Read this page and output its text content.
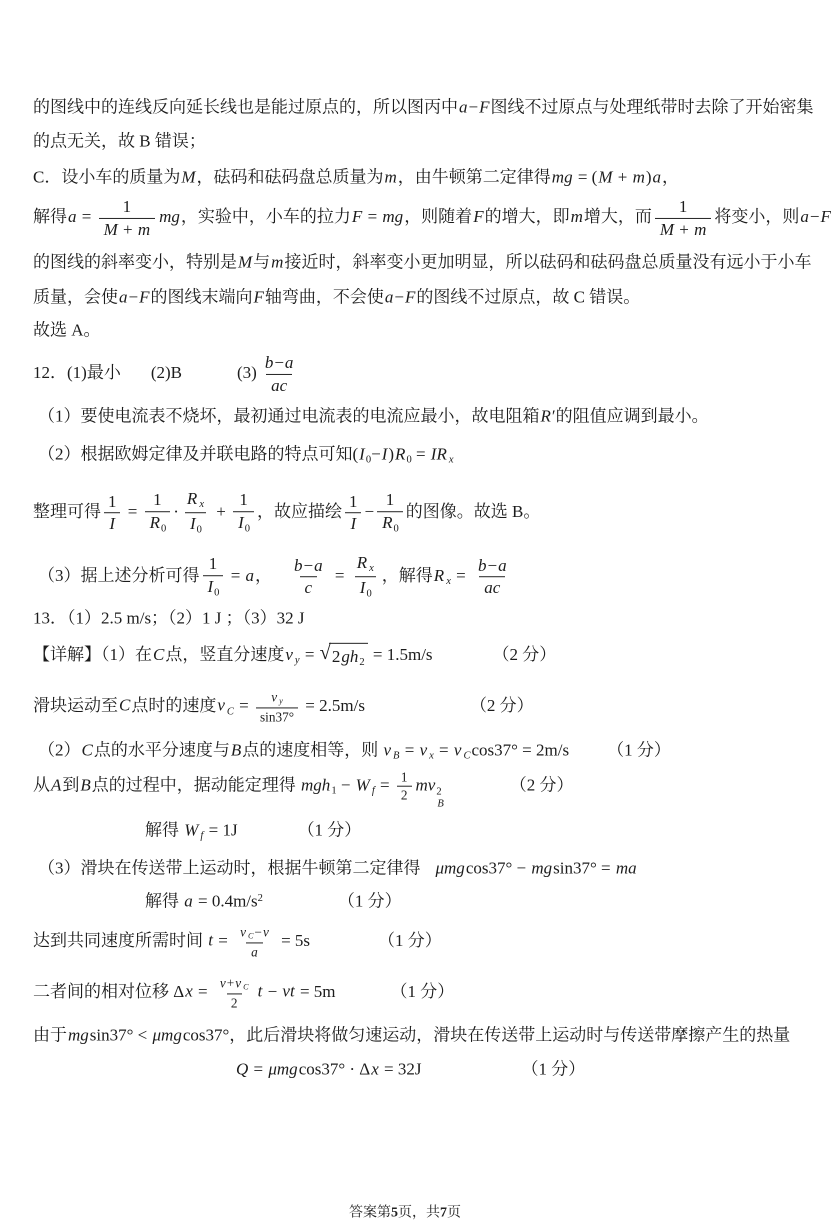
的图线中的连线反向延长线也是能过原点的，所以图丙中a−F图线不过原点与处理纸带时去除了开始密集
的点无关，故 B 错误；
C．设小车的质量为M，砝码和砝码盘总质量为m，由牛顿第二定律得mg = (M + m)a，
解得$a = \frac{1}{M + m}$ mg，实验中，小车的拉力F = mg，则随着F的增大，即m增大，而 $\frac{1}{M + m}$ 将变小，则a−F
的图线的斜率变小，特别是M与m接近时，斜率变小更加明显，所以砝码和砝码盘总质量没有远小于小车
质量，会使a−F的图线末端向F轴弯曲，不会使a−F的图线不过原点，故 C 错误。
故选 A。
12．(1)最小 (2)B	$(3) \frac{b-a}{ac}$
（1）要使电流表不烧坏，最初通过电流表的电流应最小，故电阻箱R′的阻值应调到最小。
（2）根据欧姆定律及并联电路的特点可知(I0−I)R0 = IR x
整理可得 $\frac{1}{I} = \frac{1}{R0} \cdot \frac{\text{R x}}{I0} + \frac{1}{I0}$ ，故应描绘 $\frac{1}{I} - \frac{1}{R0}$ 的图像。故选 B。
（3）据上述分析可得 $\frac{1}{I0} = a$， $\frac{b-a}{c} = \frac{\text{R x}}{I0}$ ，解得R $x = \frac{b-a}{ac}$
13．（1）2.5 m/s；（2）1 J ；（3）32 J
【详解】（1）在C点，竖直分速度v y = √ 2gh2 = 1.5m/s	（2 分）
滑块运动至C点时的速度v $C = \frac{\text{v y}}{\sin 37^\circ} = 2.5m/s$	（2 分）
（2）C点的水平分速度与B点的速度相等，则 v B = v x = v Ccos37° = 2m/s （1 分）
从A到B点的过程中，据动能定理得 mgh1 − W $f = \frac{1}{2}$ mv 2
B
（2 分）
解得 W f = 1J	（1 分）
（3）滑块在传送带上运动时，根据牛顿第二定律得 μmgcos37° − mgsin37° = ma
解得 $a = 0.4m/s^2$	（1 分）
达到共同速度所需时间 $t = \frac{\text{v C−v}}{a} = 5s$	（1 分）
二者间的相对位移 $\Delta x = \frac{\text{v+v C}}{2}$ t − vt = 5m	（1 分）
由于mgsin37° < μmgcos37°，此后滑块将做匀速运动，滑块在传送带上运动时与传送带摩擦产生的热量
Q = μmgcos37° · Δx = 32J	（1 分）
答案第5页，共7页
